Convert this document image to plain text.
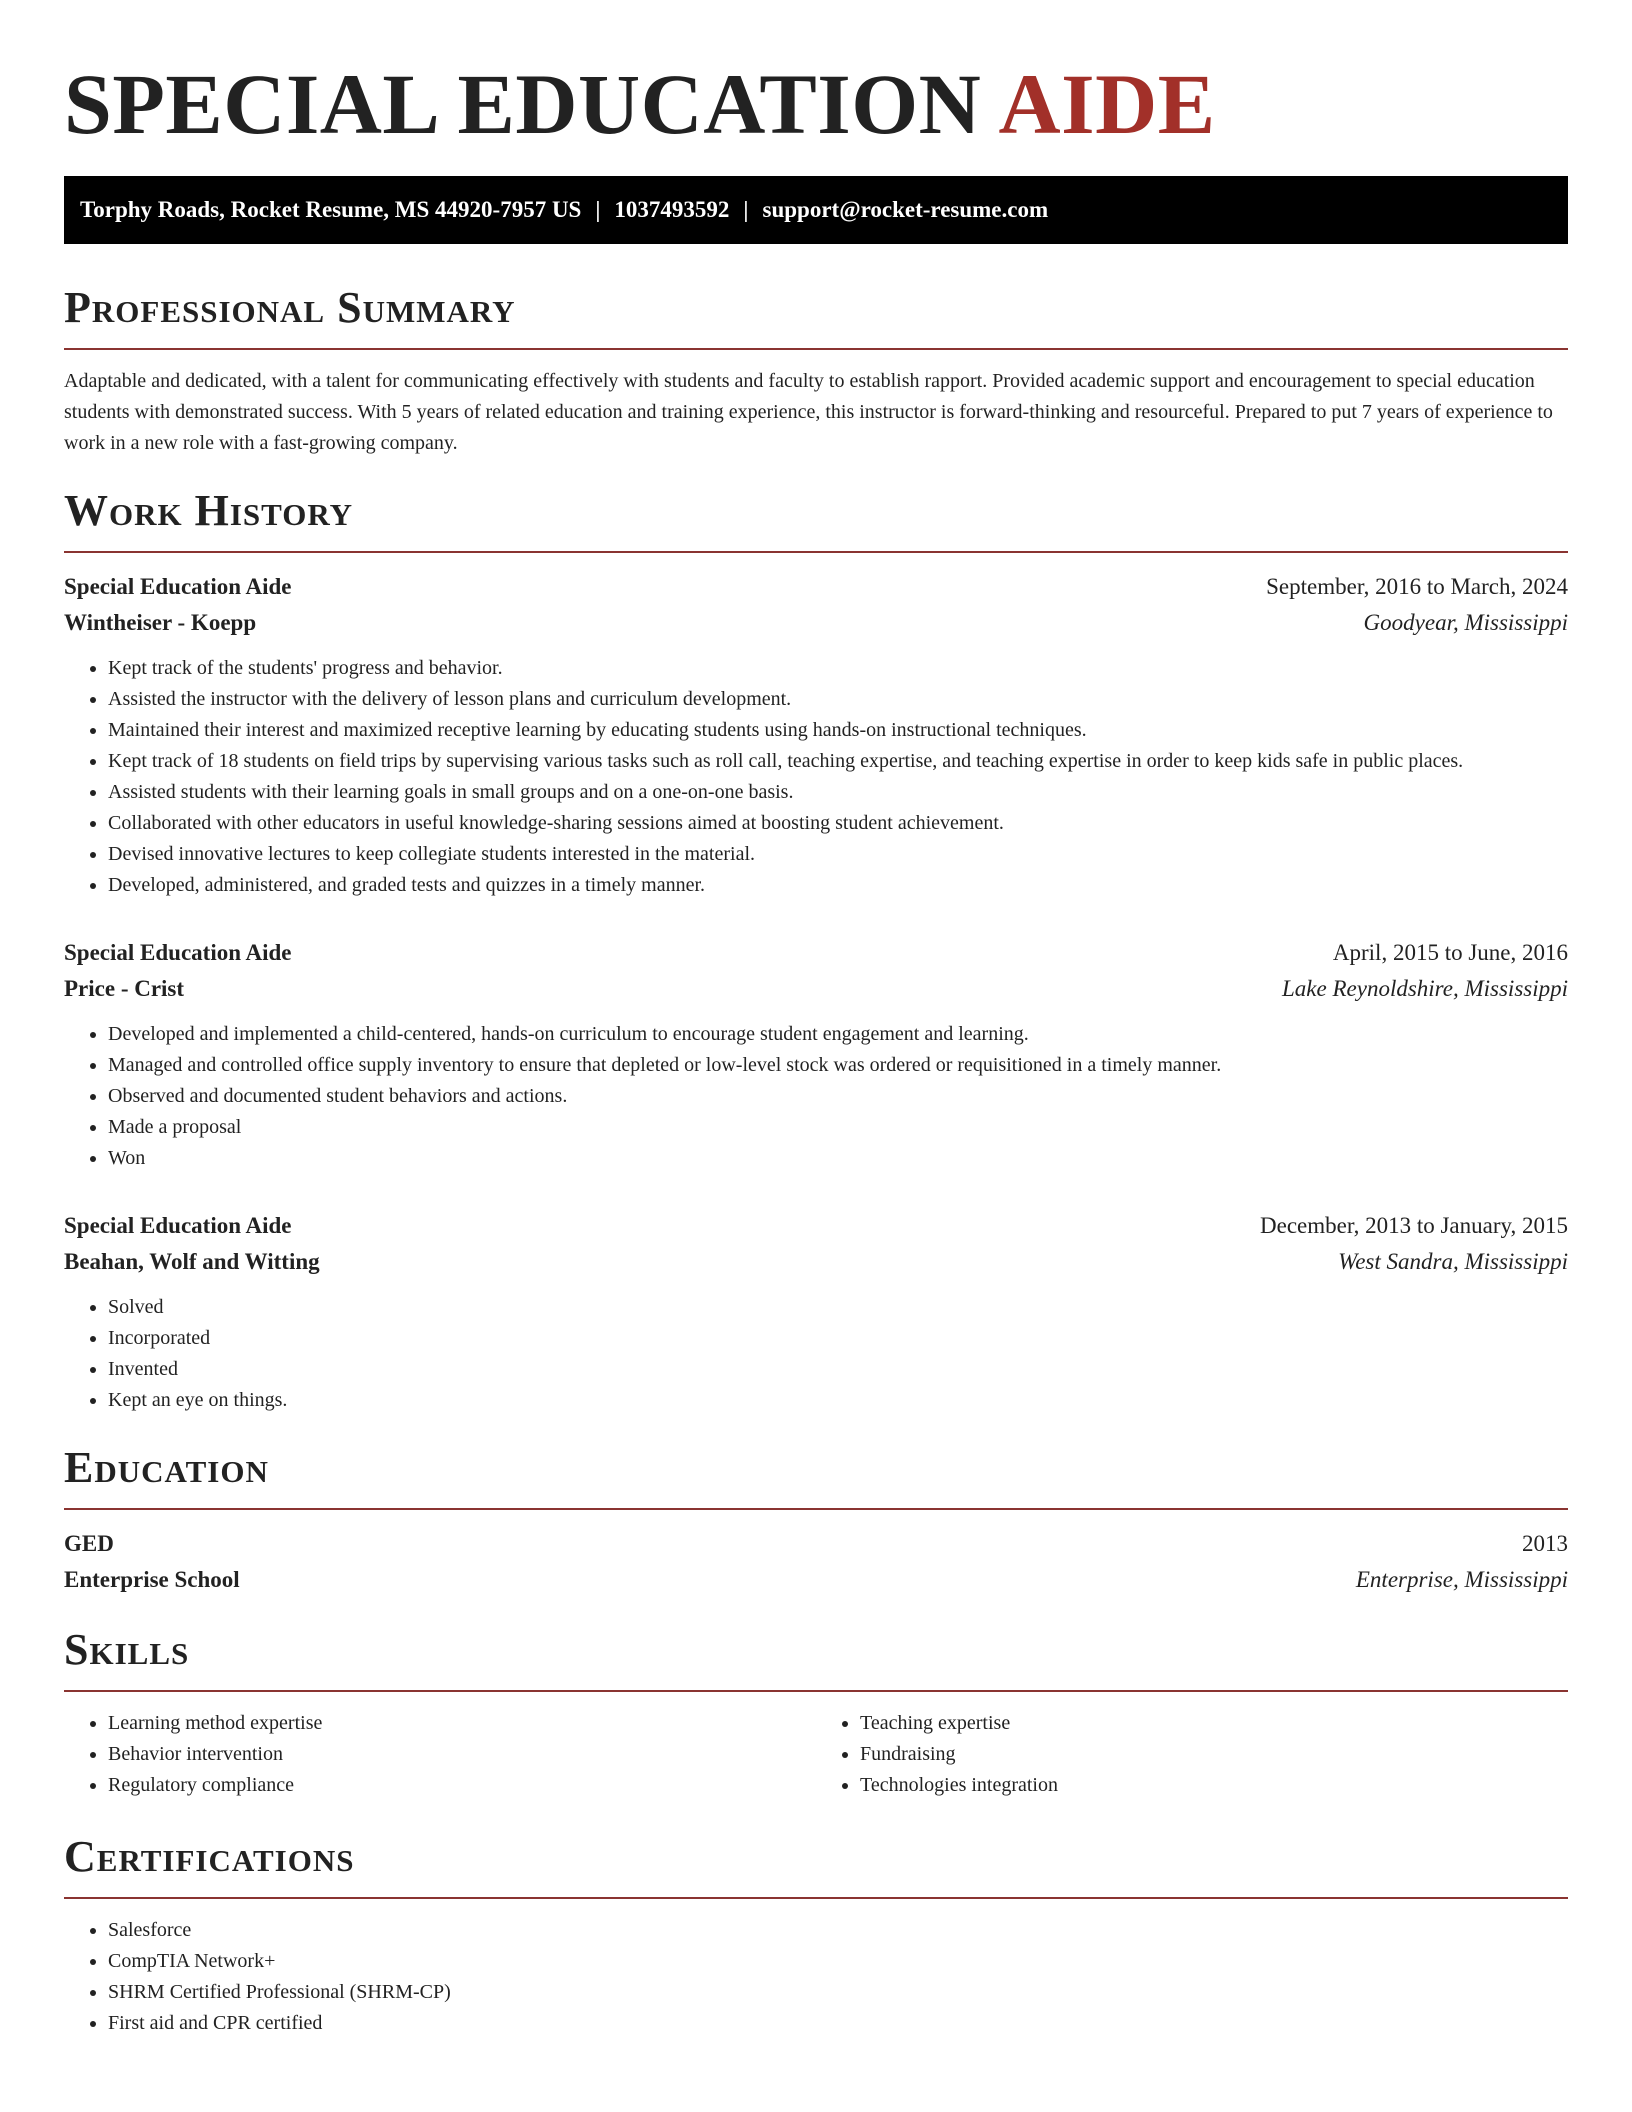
SPECIAL EDUCATION AIDE
Torphy Roads, Rocket Resume, MS 44920-7957 US | 1037493592 | support@rocket-resume.com
Professional Summary

Adaptable and dedicated, with a talent for communicating effectively with students and faculty to establish rapport. Provided academic support and encouragement to special education students with demonstrated success. With 5 years of related education and training experience, this instructor is forward-thinking and resourceful. Prepared to put 7 years of experience to work in a new role with a fast-growing company.

Work History
Special Education Aide	September, 2016 to March, 2024
Wintheiser - Koepp	Goodyear, Mississippi
• Kept track of the students' progress and behavior.
• Assisted the instructor with the delivery of lesson plans and curriculum development.
• Maintained their interest and maximized receptive learning by educating students using hands-on instructional techniques.
• Kept track of 18 students on field trips by supervising various tasks such as roll call, teaching expertise, and teaching expertise in order to keep kids safe in public places.
• Assisted students with their learning goals in small groups and on a one-on-one basis.
• Collaborated with other educators in useful knowledge-sharing sessions aimed at boosting student achievement.
• Devised innovative lectures to keep collegiate students interested in the material.
• Developed, administered, and graded tests and quizzes in a timely manner.
Special Education Aide	April, 2015 to June, 2016
Price - Crist	Lake Reynoldshire, Mississippi
• Developed and implemented a child-centered, hands-on curriculum to encourage student engagement and learning.
• Managed and controlled office supply inventory to ensure that depleted or low-level stock was ordered or requisitioned in a timely manner.
• Observed and documented student behaviors and actions.
• Made a proposal
• Won
Special Education Aide	December, 2013 to January, 2015
Beahan, Wolf and Witting	West Sandra, Mississippi
• Solved
• Incorporated
• Invented
• Kept an eye on things.
Education
GED	2013
Enterprise School	Enterprise, Mississippi
Skills
• Learning method expertise
• Behavior intervention
• Regulatory compliance
• Teaching expertise
• Fundraising
• Technologies integration
Certifications
• Salesforce
• CompTIA Network+
• SHRM Certified Professional (SHRM-CP)
• First aid and CPR certified
